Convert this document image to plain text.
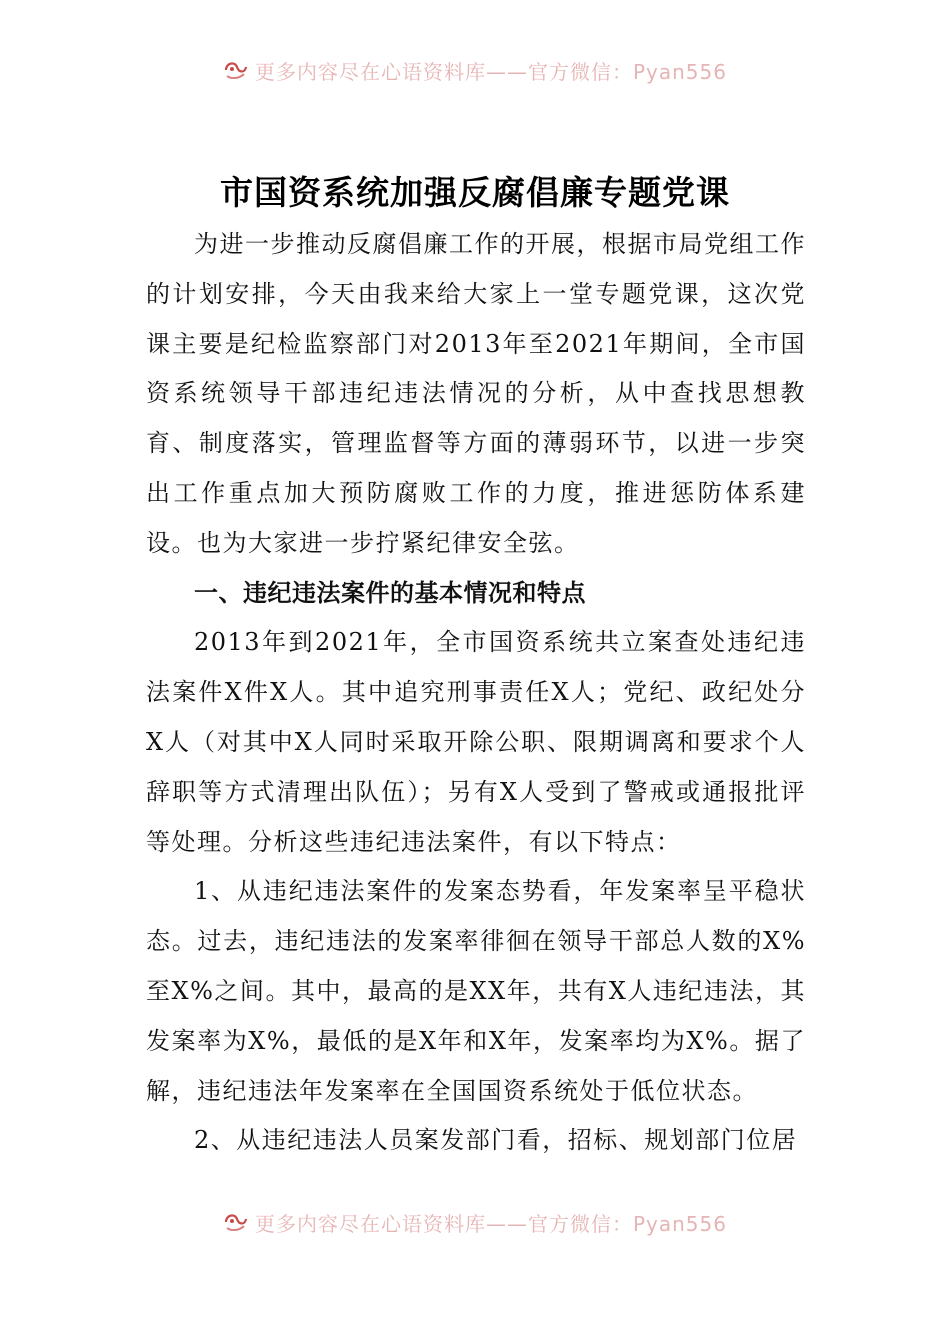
更多内容尽在心语资料库——官方微信：Pyan556
市国资系统加强反腐倡廉专题党课

为进一步推动反腐倡廉工作的开展，根据市局党组工作的计划安排，今天由我来给大家上一堂专题党课，这次党课主要是纪检监察部门对2013年至2021年期间，全市国资系统领导干部违纪违法情况的分析，从中查找思想教育、制度落实，管理监督等方面的薄弱环节，以进一步突出工作重点加大预防腐败工作的力度，推进惩防体系建设。也为大家进一步拧紧纪律安全弦。

一、违纪违法案件的基本情况和特点

2013年到2021年，全市国资系统共立案查处违纪违法案件X件X人。其中追究刑事责任X人；党纪、政纪处分X人（对其中X人同时采取开除公职、限期调离和要求个人辞职等方式清理出队伍）；另有X人受到了警戒或通报批评等处理。分析这些违纪违法案件，有以下特点：

1、从违纪违法案件的发案态势看，年发案率呈平稳状态。过去，违纪违法的发案率徘徊在领导干部总人数的X%至X%之间。其中，最高的是XX年，共有X人违纪违法，其发案率为X%，最低的是X年和X年，发案率均为X%。据了解，违纪违法年发案率在全国国资系统处于低位状态。

2、从违纪违法人员案发部门看，招标、规划部门位居

更多内容尽在心语资料库——官方微信：Pyan556
